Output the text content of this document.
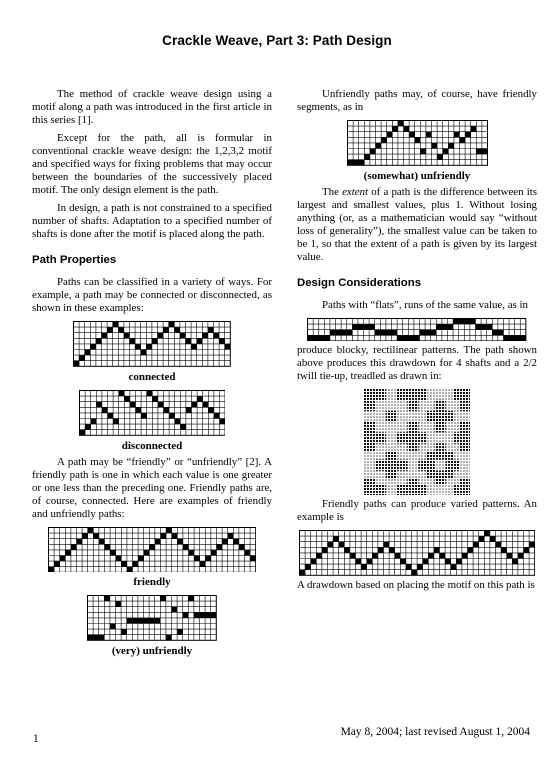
Crackle Weave, Part 3: Path Design

The method of crackle weave design using a motif along a path was introduced in the first article in this series [1].

Except for the path, all is formular in conventional crackle weave design: the 1,2,3,2 motif and specified ways for fixing problems that may occur between the boundaries of the successively placed motif. The only design element is the path.

In design, a path is not constrained to a specified number of shafts. Adaptation to a specified number of shafts is done after the motif is placed along the path.

Path Properties

Paths can be classified in a variety of ways. For example, a path may be connected or disconnected, as shown in these examples:

connected
disconnected

A path may be “friendly” or “unfriendly” [2]. A friendly path is one in which each value is one greater or one less than the preceding one. Friendly paths are, of course, connected. Here are examples of friendly and unfriendly paths:

friendly
(very) unfriendly

Unfriendly paths may, of course, have friendly segments, as in

(somewhat) unfriendly

The extent of a path is the difference between its largest and smallest values, plus 1. Without losing anything (or, as a mathematician would say “without loss of generality”), the smallest value can be taken to be 1, so that the extent of a path is given by its largest value.

Design Considerations

Paths with “flats”, runs of the same value, as in

produce blocky, rectilinear patterns. The path shown above produces this drawdown for 4 shafts and a 2/2 twill tie-up, treadled as drawn in:

Friendly paths can produce varied patterns. An example is

A drawdown based on placing the motif on this path is

1
May 8, 2004; last revised August 1, 2004
